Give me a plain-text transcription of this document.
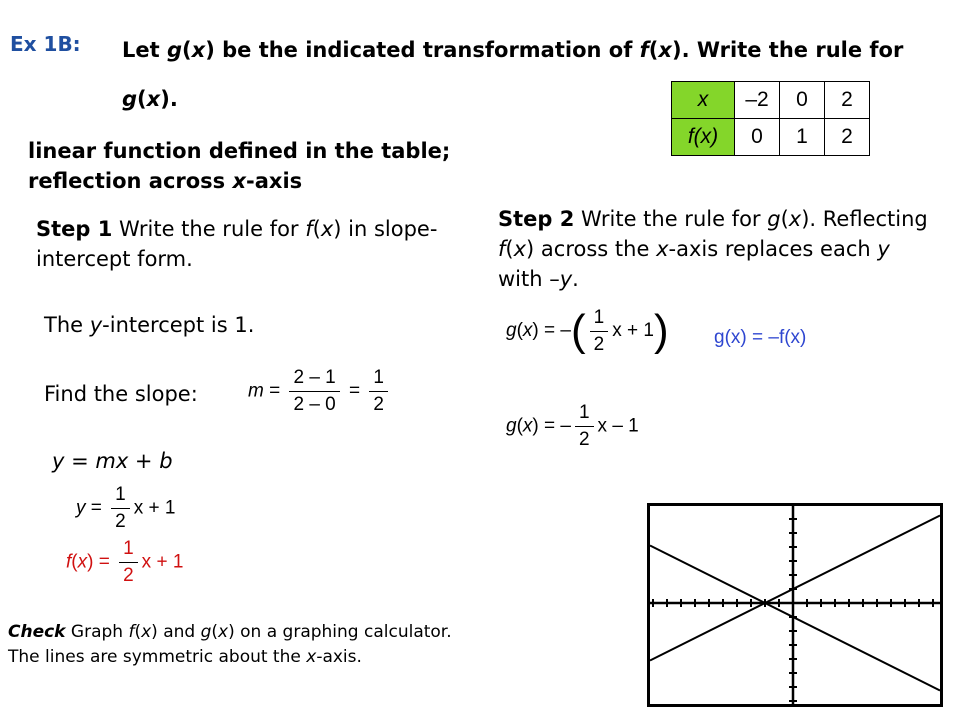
Ex 1B: Let g(x) be the indicated transformation of f(x). Write the rule for g(x).	x	–2	0	2
f(x)	0	1	2
linear function defined in the table;
reflection across x-axis
Step 1 Write the rule for f(x) in slope-intercept form.
The y-intercept is 1.
Find the slope:	$m = \frac{2 - 1}{2 - 0} = \frac{1}{2}$
y = mx + b
$y = \frac{1}{2}$ x + 1
$f(x) = \frac{1}{2}$ x + 1
Step 2 Write the rule for g(x). Reflecting f(x) across the x-axis replaces each y with –y.
g(x) = –( $\frac{1}{2}$ x + 1) g(x) = –f(x)
g(x) = – $\frac{1}{2}$ x – 1
Check Graph f(x) and g(x) on a graphing calculator.
The lines are symmetric about the x-axis.
